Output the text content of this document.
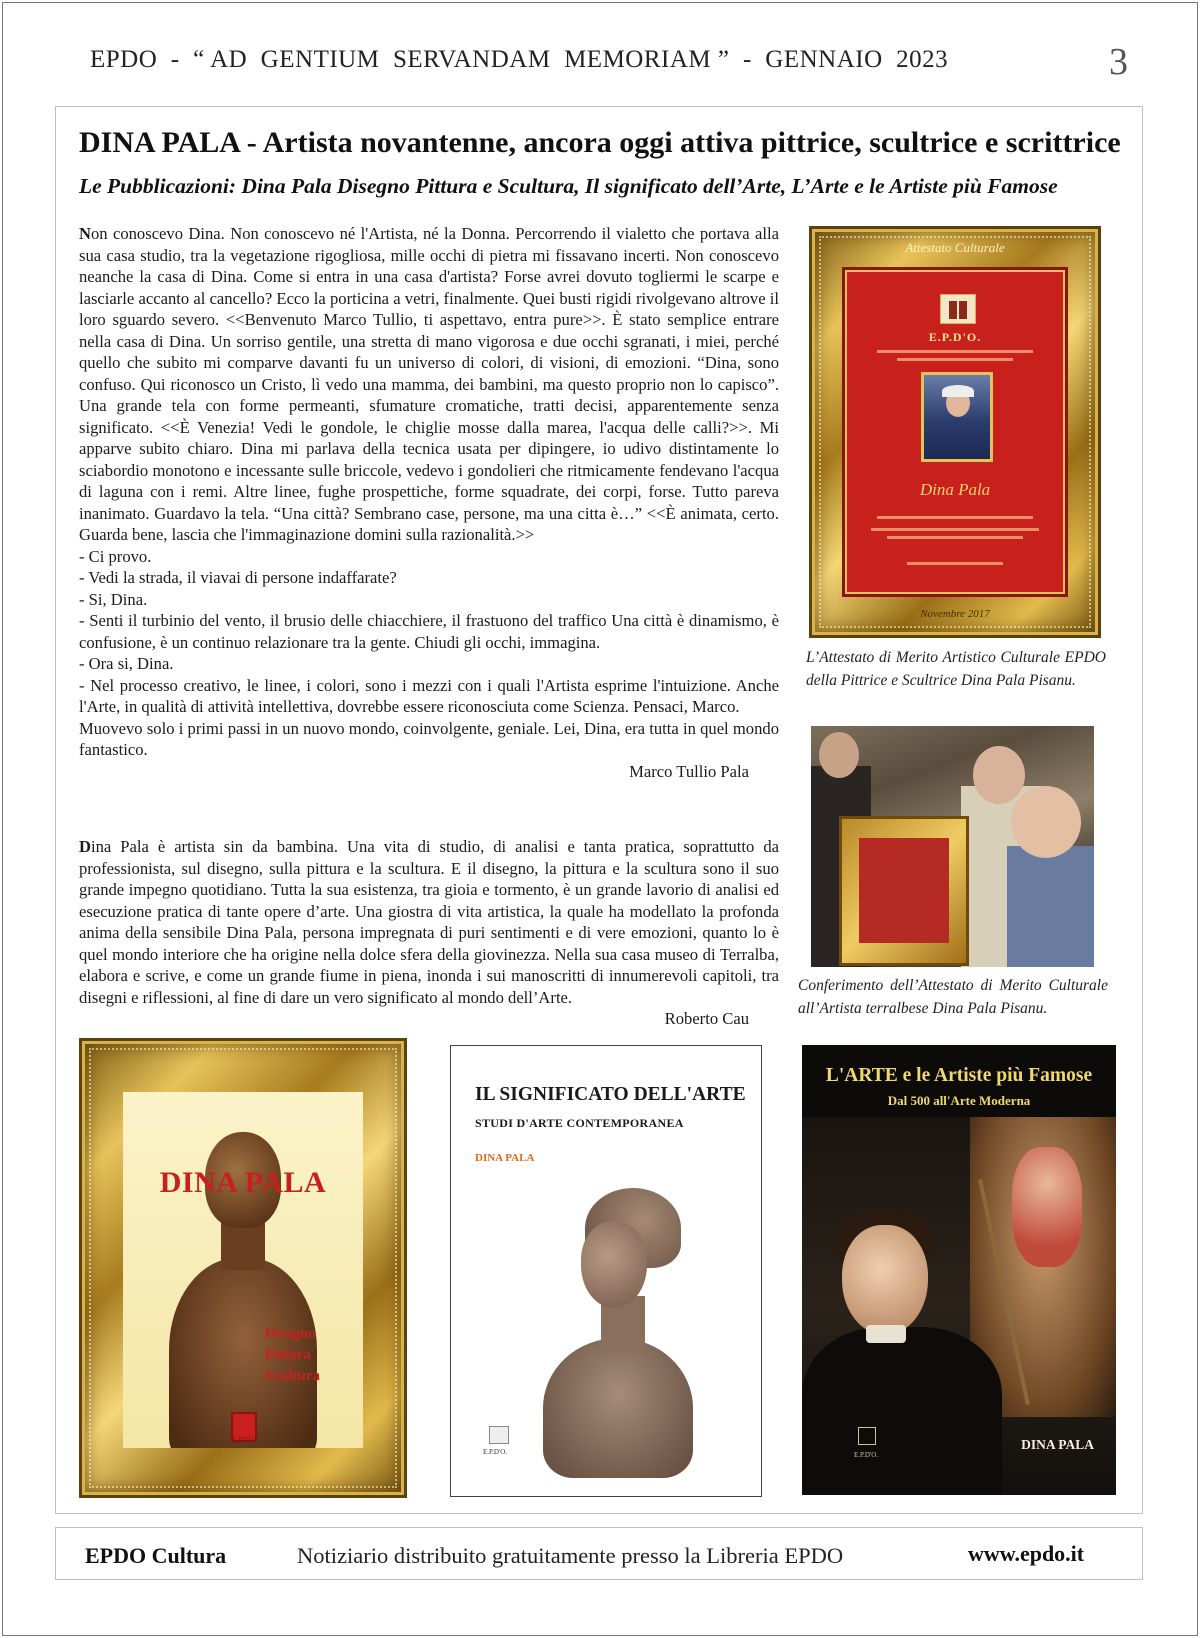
EPDO  -  “ AD  GENTIUM  SERVANDAM  MEMORIAM ”  -  GENNAIO  2023	3
DINA PALA - Artista novantenne, ancora oggi attiva pittrice, scultrice e scrittrice
Le Pubblicazioni: Dina Pala Disegno Pittura e Scultura, Il significato dell’Arte, L’Arte e le Artiste più Famose

Non conoscevo Dina. Non conoscevo né l'Artista, né la Donna. Percorrendo il vialetto che portava alla sua casa studio, tra la vegetazione rigogliosa, mille occhi di pietra mi fissavano incerti. Non conoscevo neanche la casa di Dina. Come si entra in una casa d'artista? Forse avrei dovuto togliermi le scarpe e lasciarle accanto al cancello? Ecco la porticina a vetri, finalmente. Quei busti rigidi rivolgevano altrove il loro sguardo severo. <<Benvenuto Marco Tullio, ti aspettavo, entra pure>>. È stato semplice entrare nella casa di Dina. Un sorriso gentile, una stretta di mano vigorosa e due occhi sgranati, i miei, perché quello che subito mi comparve davanti fu un universo di colori, di visioni, di emozioni. “Dina, sono confuso. Qui riconosco un Cristo, lì vedo una mamma, dei bambini, ma questo proprio non lo capisco”. Una grande tela con forme permeanti, sfumature cromatiche, tratti decisi, apparentemente senza significato. <<È Venezia! Vedi le gondole, le chiglie mosse dalla marea, l'acqua delle calli?>>. Mi apparve subito chiaro. Dina mi parlava della tecnica usata per dipingere, io udivo distintamente lo sciabordio monotono e incessante sulle briccole, vedevo i gondolieri che ritmicamente fendevano l'acqua di laguna con i remi. Altre linee, fughe prospettiche, forme squadrate, dei corpi, forse. Tutto pareva inanimato. Guardavo la tela. “Una città? Sembrano case, persone, ma una citta è…” <<È animata, certo. Guarda bene, lascia che l'immaginazione domini sulla razionalità.>>

- Ci provo.

- Vedi la strada, il viavai di persone indaffarate?

- Si, Dina.

- Senti il turbinio del vento, il brusio delle chiacchiere, il frastuono del traffico Una città è dinamismo, è confusione, è un continuo relazionare tra la gente. Chiudi gli occhi, immagina.

- Ora si, Dina.

- Nel processo creativo, le linee, i colori, sono i mezzi con i quali l'Artista esprime l'intuizione. Anche l'Arte, in qualità di attività intellettiva, dovrebbe essere riconosciuta come Scienza. Pensaci, Marco.

Muovevo solo i primi passi in un nuovo mondo, coinvolgente, geniale. Lei, Dina, era tutta in quel mondo fantastico.

Marco Tullio Pala

Dina Pala è artista sin da bambina. Una vita di studio, di analisi e tanta pratica, soprattutto da professionista, sul disegno, sulla pittura e la scultura. E il disegno, la pittura e la scultura sono il suo grande impegno quotidiano. Tutta la sua esistenza, tra gioia e tormento, è un grande lavorio di analisi ed esecuzione pratica di tante opere d’arte. Una giostra di vita artistica, la quale ha modellato la profonda anima della sensibile Dina Pala, persona impregnata di puri sentimenti e di vere emozioni, quanto lo è quel mondo interiore che ha origine nella dolce sfera della giovinezza. Nella sua casa museo di Terralba, elabora e scrive, e come un grande fiume in piena, inonda i sui manoscritti di innumerevoli capitoli, tra disegni e riflessioni, al fine di dare un vero significato al mondo dell’Arte.

Roberto Cau

Attestato Culturale
E.P.D'O.
Dina Pala
Novembre 2017

L’Attestato di Merito Artistico Culturale EPDO della Pittrice e Scultrice Dina Pala Pisanu.

Conferimento dell’Attestato di Merito Culturale all’Artista terralbese Dina Pala Pisanu.

DINA PALA
Disegno
Pittura
Scultura
E.P.D'O.
IL SIGNIFICATO DELL'ARTE
STUDI D'ARTE CONTEMPORANEA
DINA PALA
E.P.D'O.
L'ARTE e le Artiste più Famose
Dal 500 all'Arte Moderna
E.P.D'O.
DINA PALA
EPDO Cultura	Notiziario distribuito gratuitamente presso la Libreria EPDO	www.epdo.it
